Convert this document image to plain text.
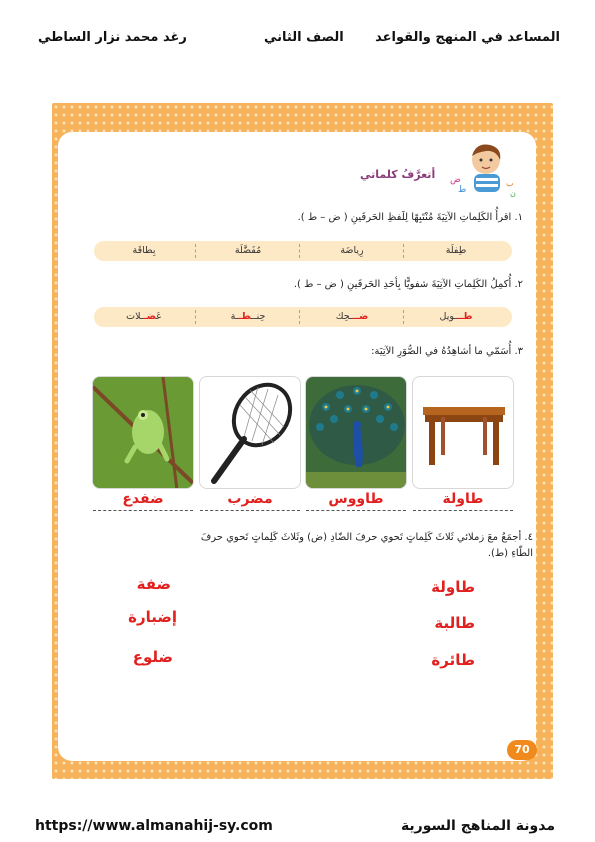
المساعد في المنهج والقواعد
الصف الثاني
رغد محمد نزار الساطي
ض
ط
ب
ن
أتعرَّفُ كلماتي
١. اقرأُ الكَلِماتِ الآتِيَةَ مُنْتَبِهًا لِلَفظِ الحَرفَينِ ( ض – ط ).
طِفلَة
رِياضَة
مُفَضَّلَة
بِطاقَة
٢. أُكمِلُ الكَلِماتِ الآتِيَةَ شفويًّا بِأحَدِ الحَرفَينِ ( ض – ط ).
طـــويل
ضـــحِك
حِنــطــة
عَضــلات
٣. أُسَمّي ما أشاهِدُهُ في الصُّوَرِ الآتِيَة:
طاولة
طاووس
مضرب
ضفدع
٤. أجمَعُ معَ زملائي ثَلاثَ كَلِماتٍ تَحوي حرفَ الضّادِ (ض) وثَلاثَ كَلِماتٍ تَحوي حرفَ
الطّاءِ (ط).
طاولة
طالبة
طائرة
ضفة
إضبارة
ضلوع
70
https://www.almanahij-sy.com	مدونة المناهج السورية
